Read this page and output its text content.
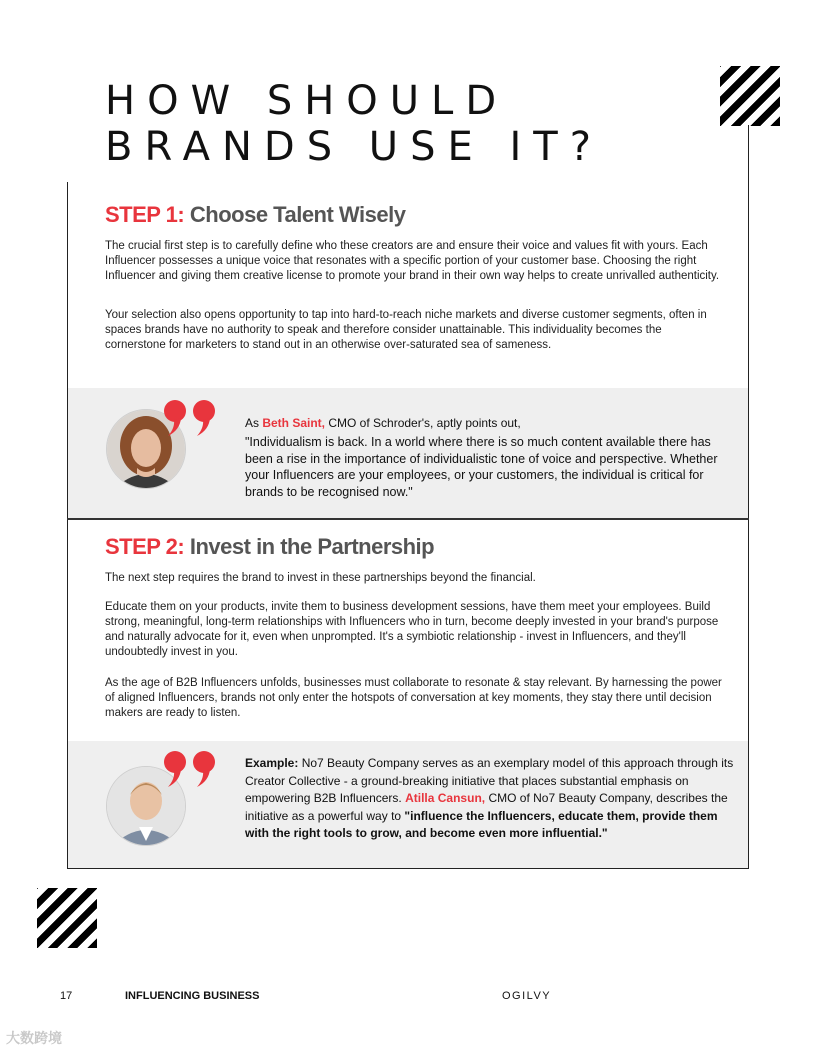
HOW SHOULD
BRANDS USE IT?
STEP 1: Choose Talent Wisely

The crucial first step is to carefully define who these creators are and ensure their voice and values fit with yours. Each Influencer possesses a unique voice that resonates with a specific portion of your customer base. Choosing the right Influencer and giving them creative license to promote your brand in their own way helps to create unrivalled authenticity.

Your selection also opens opportunity to tap into hard-to-reach niche markets and diverse customer segments, often in spaces brands have no authority to speak and therefore consider unattainable. This individuality becomes the cornerstone for marketers to stand out in an otherwise over-saturated sea of sameness.

As Beth Saint, CMO of Schroder's, aptly points out,

"Individualism is back. In a world where there is so much content available there has been a rise in the importance of individualistic tone of voice and perspective. Whether your Influencers are your employees, or your customers, the individual is critical for brands to be recognised now."

STEP 2: Invest in the Partnership

The next step requires the brand to invest in these partnerships beyond the financial.

Educate them on your products, invite them to business development sessions, have them meet your employees. Build strong, meaningful, long-term relationships with Influencers who in turn, become deeply invested in your brand's purpose and naturally advocate for it, even when unprompted. It's a symbiotic relationship - invest in Influencers, and they'll undoubtedly invest in you.

As the age of B2B Influencers unfolds, businesses must collaborate to resonate & stay relevant. By harnessing the power of aligned Influencers, brands not only enter the hotspots of conversation at key moments, they stay there until decision makers are ready to listen.

Example: No7 Beauty Company serves as an exemplary model of this approach through its Creator Collective - a ground-breaking initiative that places substantial emphasis on empowering B2B Influencers. Atilla Cansun, CMO of No7 Beauty Company, describes the initiative as a powerful way to "influence the Influencers, educate them, provide them with the right tools to grow, and become even more influential."

17	INFLUENCING BUSINESS	OGILVY
大数跨境
